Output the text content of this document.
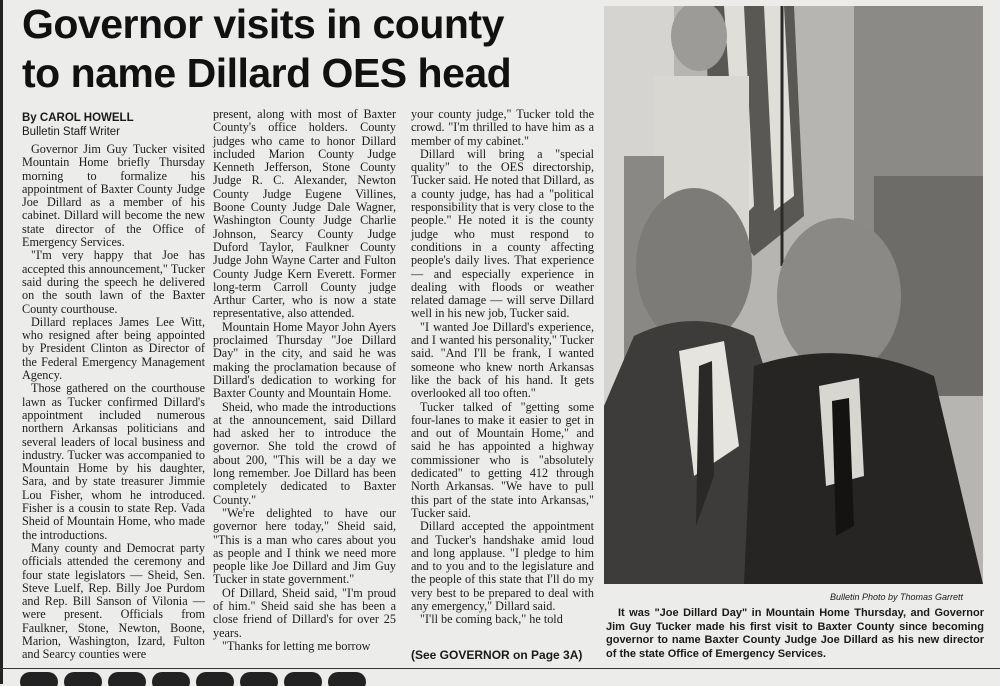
Governor visits in county
to name Dillard OES head
By CAROL HOWELL
Bulletin Staff Writer

Governor Jim Guy Tucker visited Mountain Home briefly Thursday morning to formalize his appointment of Baxter County Judge Joe Dillard as a member of his cabinet. Dillard will become the new state director of the Office of Emergency Services.

"I'm very happy that Joe has accepted this announcement," Tucker said during the speech he delivered on the south lawn of the Baxter County courthouse.

Dillard replaces James Lee Witt, who resigned after being appointed by President Clinton as Director of the Federal Emergency Management Agency.

Those gathered on the courthouse lawn as Tucker confirmed Dillard's appointment included numerous northern Arkansas politicians and several leaders of local business and industry. Tucker was accompanied to Mountain Home by his daughter, Sara, and by state treasurer Jimmie Lou Fisher, whom he introduced. Fisher is a cousin to state Rep. Vada Sheid of Mountain Home, who made the introductions.

Many county and Democrat party officials attended the ceremony and four state legislators — Sheid, Sen. Steve Luelf, Rep. Billy Joe Purdom and Rep. Bill Sanson of Vilonia — were present. Officials from Faulkner, Stone, Newton, Boone, Marion, Washington, Izard, Fulton and Searcy counties were

present, along with most of Baxter County's office holders. County judges who came to honor Dillard included Marion County Judge Kenneth Jefferson, Stone County Judge R. C. Alexander, Newton County Judge Eugene Villines, Boone County Judge Dale Wagner, Washington County Judge Charlie Johnson, Searcy County Judge Duford Taylor, Faulkner County Judge John Wayne Carter and Fulton County Judge Kern Everett. Former long-term Carroll County judge Arthur Carter, who is now a state representative, also attended.

Mountain Home Mayor John Ayers proclaimed Thursday "Joe Dillard Day" in the city, and said he was making the proclamation because of Dillard's dedication to working for Baxter County and Mountain Home.

Sheid, who made the introductions at the announcement, said Dillard had asked her to introduce the governor. She told the crowd of about 200, "This will be a day we long remember. Joe Dillard has been completely dedicated to Baxter County."

"We're delighted to have our governor here today," Sheid said, "This is a man who cares about you as people and I think we need more people like Joe Dillard and Jim Guy Tucker in state government."

Of Dillard, Sheid said, "I'm proud of him." Sheid said she has been a close friend of Dillard's for over 25 years.

"Thanks for letting me borrow

your county judge," Tucker told the crowd. "I'm thrilled to have him as a member of my cabinet."

Dillard will bring a "special quality" to the OES directorship, Tucker said. He noted that Dillard, as a county judge, has had a "political responsibility that is very close to the people." He noted it is the county judge who must respond to conditions in a county affecting people's daily lives. That experience — and especially experience in dealing with floods or weather related damage — will serve Dillard well in his new job, Tucker said.

"I wanted Joe Dillard's experience, and I wanted his personality," Tucker said. "And I'll be frank, I wanted someone who knew north Arkansas like the back of his hand. It gets overlooked all too often."

Tucker talked of "getting some four-lanes to make it easier to get in and out of Mountain Home," and said he has appointed a highway commissioner who is "absolutely dedicated" to getting 412 through North Arkansas. "We have to pull this part of the state into Arkansas," Tucker said.

Dillard accepted the appointment and Tucker's handshake amid loud and long applause. "I pledge to him and to you and to the legislature and the people of this state that I'll do my very best to be prepared to deal with any emergency," Dillard said.

"I'll be coming back," he told

(See GOVERNOR on Page 3A)
Bulletin Photo by Thomas Garrett
It was "Joe Dillard Day" in Mountain Home Thursday, and Governor Jim Guy Tucker made his first visit to Baxter County since becoming governor to name Baxter County Judge Joe Dillard as his new director of the state Office of Emergency Services.
